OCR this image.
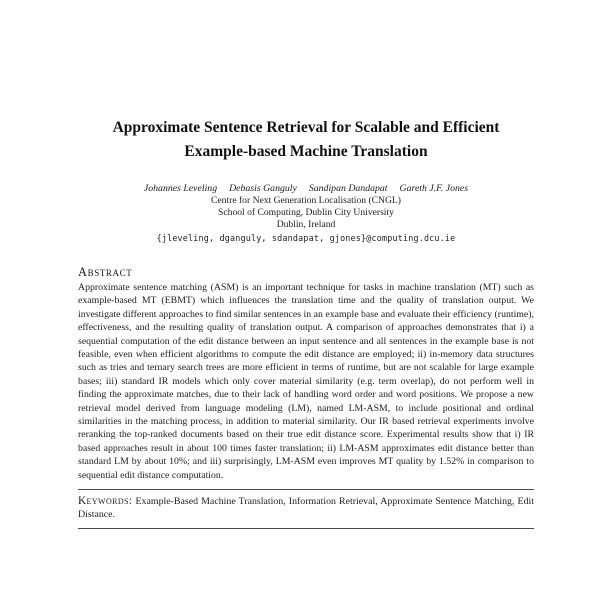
Approximate Sentence Retrieval for Scalable and Efficient
Example-based Machine Translation
Johannes Leveling Debasis Ganguly Sandipan Dandapat Gareth J.F. Jones
Centre for Next Generation Localisation (CNGL)
School of Computing, Dublin City University
Dublin, Ireland
{jleveling, dganguly, sdandapat, gjones}@computing.dcu.ie
Abstract
Approximate sentence matching (ASM) is an important technique for tasks in machine translation (MT) such as example-based MT (EBMT) which influences the translation time and the quality of translation output. We investigate different approaches to find similar sentences in an example base and evaluate their efficiency (runtime), effectiveness, and the resulting quality of translation output. A comparison of approaches demonstrates that i) a sequential computation of the edit distance between an input sentence and all sentences in the example base is not feasible, even when efficient algorithms to compute the edit distance are employed; ii) in-memory data structures such as tries and ternary search trees are more efficient in terms of runtime, but are not scalable for large example bases; iii) standard IR models which only cover material similarity (e.g. term overlap), do not perform well in finding the approximate matches, due to their lack of handling word order and word positions. We propose a new retrieval model derived from language modeling (LM), named LM-ASM, to include positional and ordinal similarities in the matching process, in addition to material similarity. Our IR based retrieval experiments involve reranking the top-ranked documents based on their true edit distance score. Experimental results show that i) IR based approaches result in about 100 times faster translation; ii) LM-ASM approximates edit distance better than standard LM by about 10%; and iii) surprisingly, LM-ASM even improves MT quality by 1.52% in comparison to sequential edit distance computation.
Keywords: Example-Based Machine Translation, Information Retrieval, Approximate Sentence Matching, Edit Distance.
